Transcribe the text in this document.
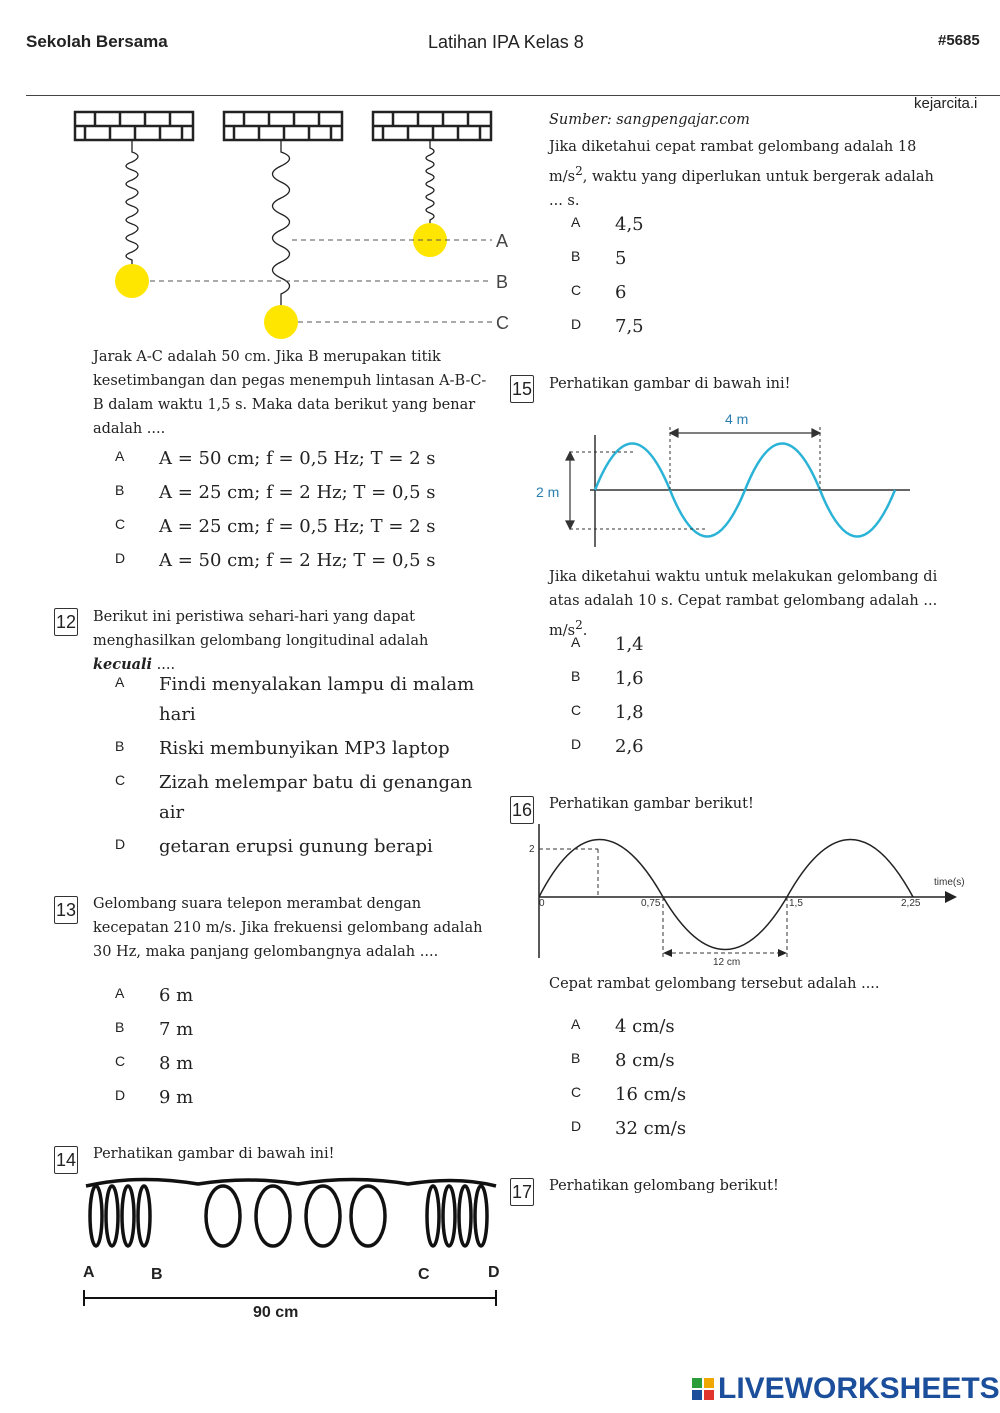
Sekolah Bersama	Latihan IPA Kelas 8	#5685
kejarcita.i
A
B
C
Jarak A-C adalah 50 cm. Jika B merupakan titik kesetimbangan dan pegas menempuh lintasan A-B-C-B dalam waktu 1,5 s. Maka data berikut yang benar adalah ....
A	A = 50 cm; f = 0,5 Hz; T = 2 s
B	A = 25 cm; f = 2 Hz; T = 0,5 s
C	A = 25 cm; f = 0,5 Hz; T = 2 s
D	A = 50 cm; f = 2 Hz; T = 0,5 s
12 Berikut ini peristiwa sehari-hari yang dapat menghasilkan gelombang longitudinal adalah kecuali ....
A	Findi menyalakan lampu di malam hari
B	Riski membunyikan MP3 laptop
C	Zizah melempar batu di genangan air
D	getaran erupsi gunung berapi
13 Gelombang suara telepon merambat dengan kecepatan 210 m/s. Jika frekuensi gelombang adalah 30 Hz, maka panjang gelombangnya adalah ....
A	6 m
B	7 m
C	8 m
D	9 m
14 Perhatikan gambar di bawah ini!
A	B	C	D
90 cm
Sumber: sangpengajar.com
Jika diketahui cepat rambat gelombang adalah 18 $m/s^2$, waktu yang diperlukan untuk bergerak adalah ... s.
A	4,5
B	5
C	6
D	7,5
15 Perhatikan gambar di bawah ini!
4 m
2 m
Jika diketahui waktu untuk melakukan gelombang di atas adalah 10 s. Cepat rambat gelombang adalah ... $m/s^2$.
A	1,4
B	1,6
C	1,8
D	2,6
16 Perhatikan gambar berikut!
2
time(s)
0	0,75	1,5	2,25
12 cm
Cepat rambat gelombang tersebut adalah ....
A	4 cm/s
B	8 cm/s
C	16 cm/s
D	32 cm/s
17 Perhatikan gelombang berikut!
LIVEWORKSHEETS
